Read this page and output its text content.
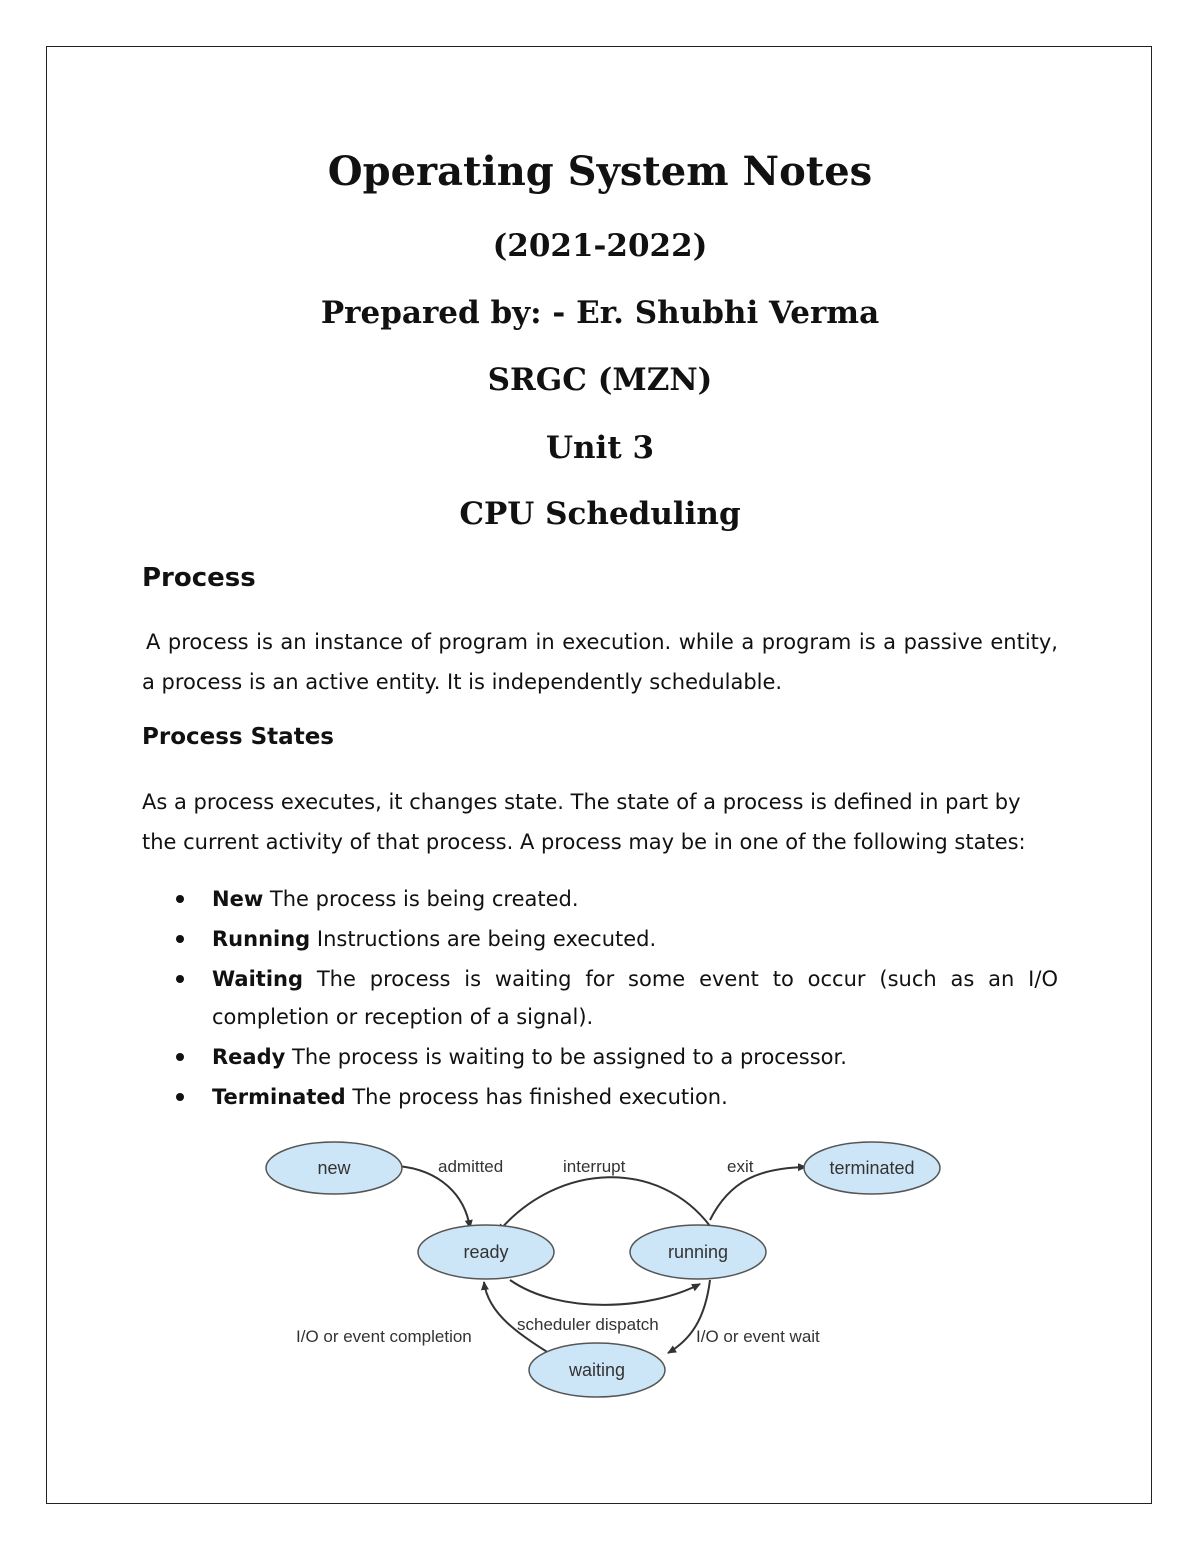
Operating System Notes
(2021-2022)
Prepared by: - Er. Shubhi Verma
SRGC (MZN)
Unit 3
CPU Scheduling
Process
A process is an instance of program in execution. while a program is a passive entity, a process is an active entity. It is independently schedulable.
Process States
As a process executes, it changes state. The state of a process is defined in part by the current activity of that process. A process may be in one of the following states:
New The process is being created.
Running Instructions are being executed.
Waiting The process is waiting for some event to occur (such as an I/O completion or reception of a signal).
Ready The process is waiting to be assigned to a processor.
Terminated The process has finished execution.
new
ready	running
terminated
waiting
admitted	interrupt	exit
scheduler dispatch
I/O or event completion	I/O or event wait
